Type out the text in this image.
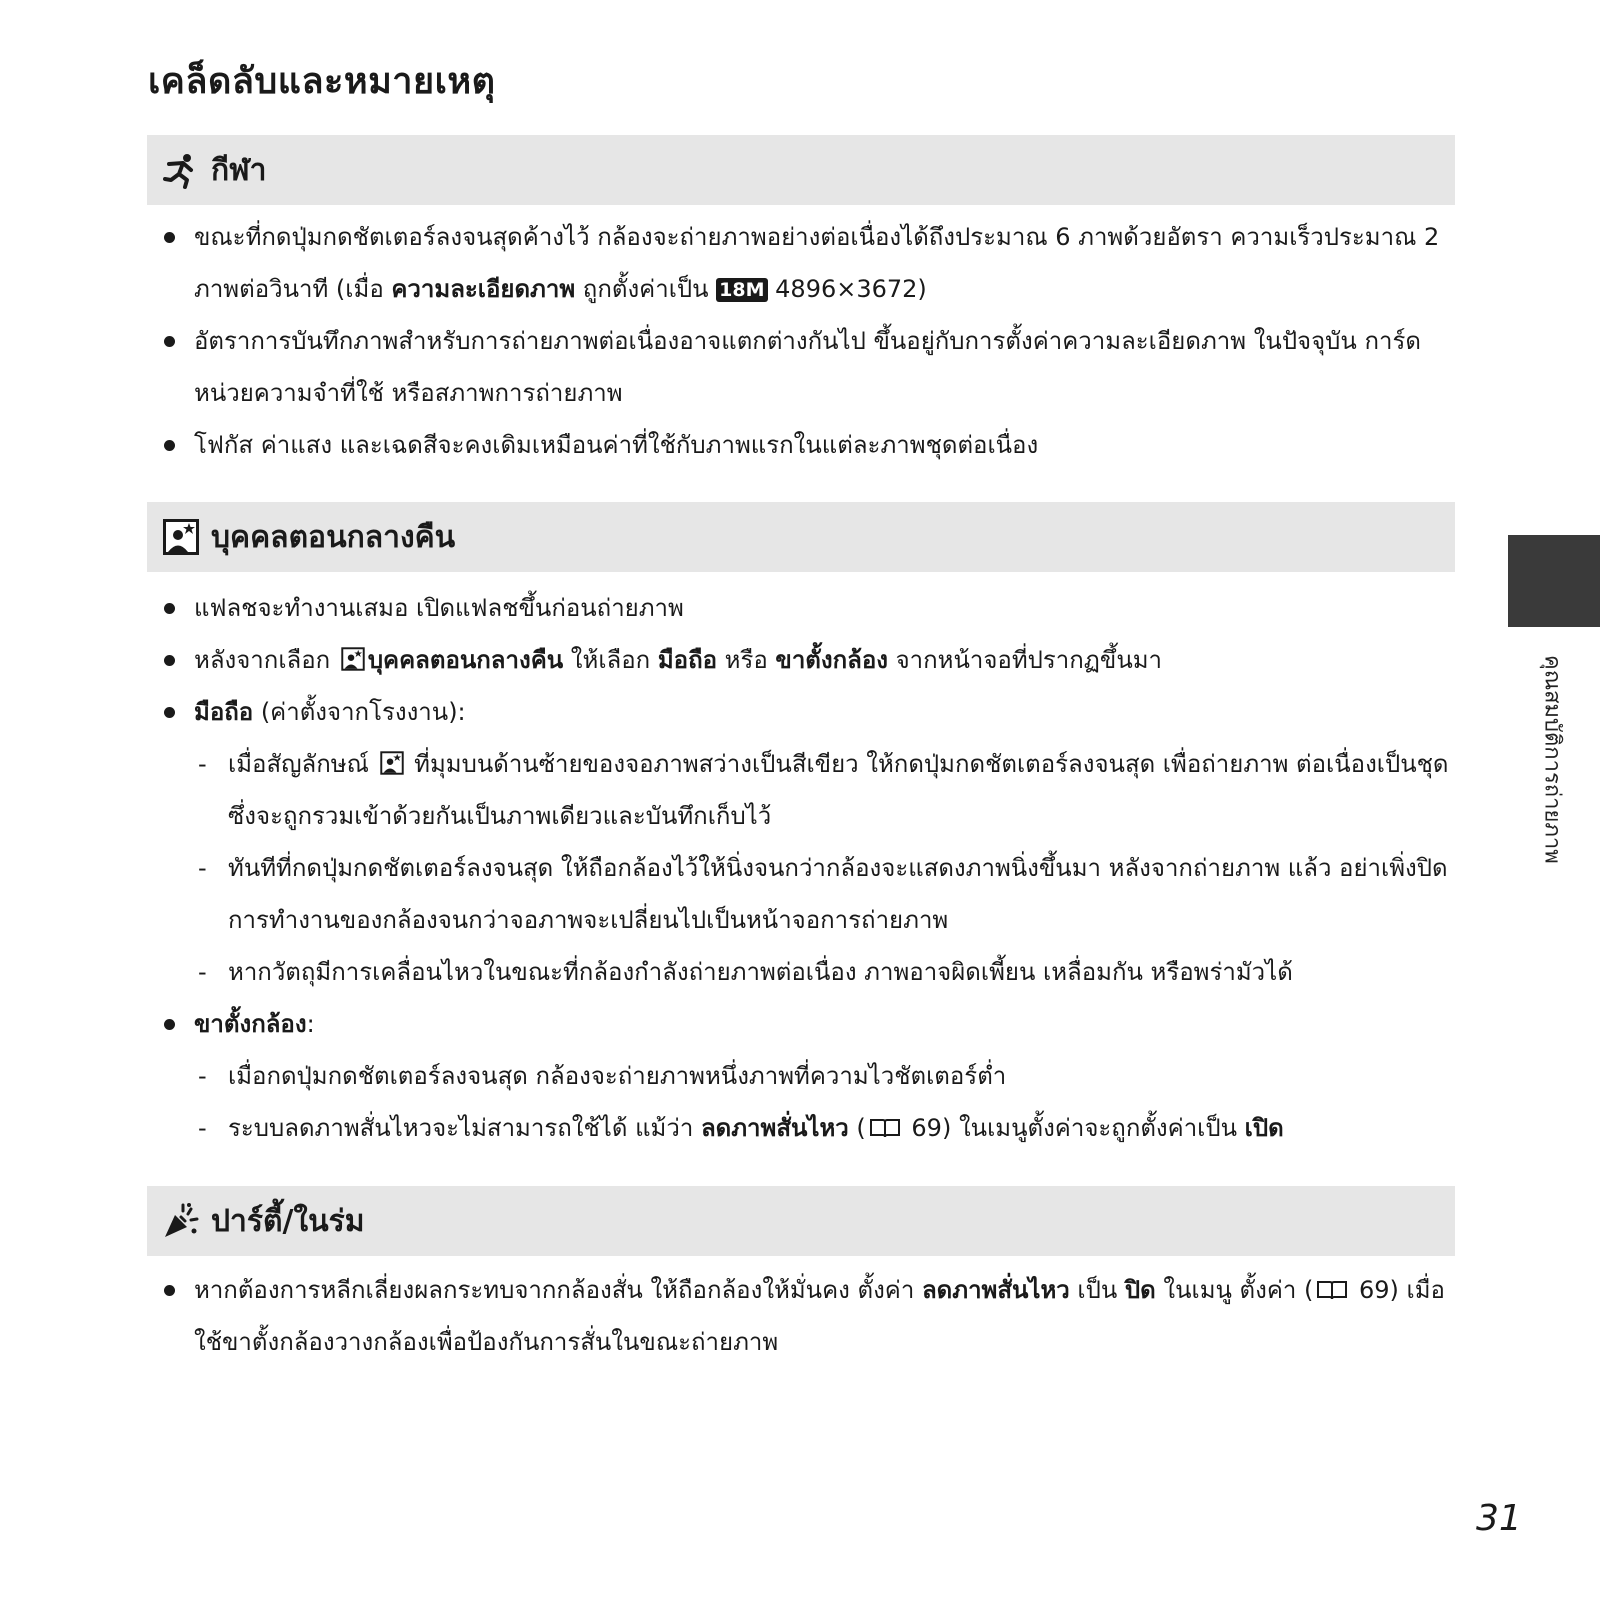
เคล็ดลับและหมายเหตุ
กีฬา
ขณะที่กดปุ่มกดชัตเตอร์ลงจนสุดค้างไว้ กล้องจะถ่ายภาพอย่างต่อเนื่องได้ถึงประมาณ 6 ภาพด้วยอัตรา ความเร็วประมาณ 2 ภาพต่อวินาที (เมื่อ ความละเอียดภาพ ถูกตั้งค่าเป็น 18M 4896×3672)
อัตราการบันทึกภาพสำหรับการถ่ายภาพต่อเนื่องอาจแตกต่างกันไป ขึ้นอยู่กับการตั้งค่าความละเอียดภาพ ในปัจจุบัน การ์ดหน่วยความจำที่ใช้ หรือสภาพการถ่ายภาพ
โฟกัส ค่าแสง และเฉดสีจะคงเดิมเหมือนค่าที่ใช้กับภาพแรกในแต่ละภาพชุดต่อเนื่อง
บุคคลตอนกลางคืน
แฟลชจะทำงานเสมอ เปิดแฟลชขึ้นก่อนถ่ายภาพ
หลังจากเลือก
บุคคลตอนกลางคืน ให้เลือก มือถือ หรือ ขาตั้งกล้อง จากหน้าจอที่ปรากฏขึ้นมา
มือถือ (ค่าตั้งจากโรงงาน):
- เมื่อสัญลักษณ์
ที่มุมบนด้านซ้ายของจอภาพสว่างเป็นสีเขียว ให้กดปุ่มกดชัตเตอร์ลงจนสุด เพื่อถ่ายภาพ ต่อเนื่องเป็นชุดซึ่งจะถูกรวมเข้าด้วยกันเป็นภาพเดียวและบันทึกเก็บไว้
- ทันทีที่กดปุ่มกดชัตเตอร์ลงจนสุด ให้ถือกล้องไว้ให้นิ่งจนกว่ากล้องจะแสดงภาพนิ่งขึ้นมา หลังจากถ่ายภาพ แล้ว อย่าเพิ่งปิดการทำงานของกล้องจนกว่าจอภาพจะเปลี่ยนไปเป็นหน้าจอการถ่ายภาพ
- หากวัตถุมีการเคลื่อนไหวในขณะที่กล้องกำลังถ่ายภาพต่อเนื่อง ภาพอาจผิดเพี้ยน เหลื่อมกัน หรือพร่ามัวได้
ขาตั้งกล้อง:
- เมื่อกดปุ่มกดชัตเตอร์ลงจนสุด กล้องจะถ่ายภาพหนึ่งภาพที่ความไวชัตเตอร์ต่ำ
- ระบบลดภาพสั่นไหวจะไม่สามารถใช้ได้ แม้ว่า ลดภาพสั่นไหว (
69) ในเมนูตั้งค่าจะถูกตั้งค่าเป็น เปิด
ปาร์ตี้/ในร่ม
หากต้องการหลีกเลี่ยงผลกระทบจากกล้องสั่น ให้ถือกล้องให้มั่นคง ตั้งค่า ลดภาพสั่นไหว เป็น ปิด ในเมนู ตั้งค่า (
69) เมื่อใช้ขาตั้งกล้องวางกล้องเพื่อป้องกันการสั่นในขณะถ่ายภาพ
คุณสมบัติการถ่ายภาพ
31
